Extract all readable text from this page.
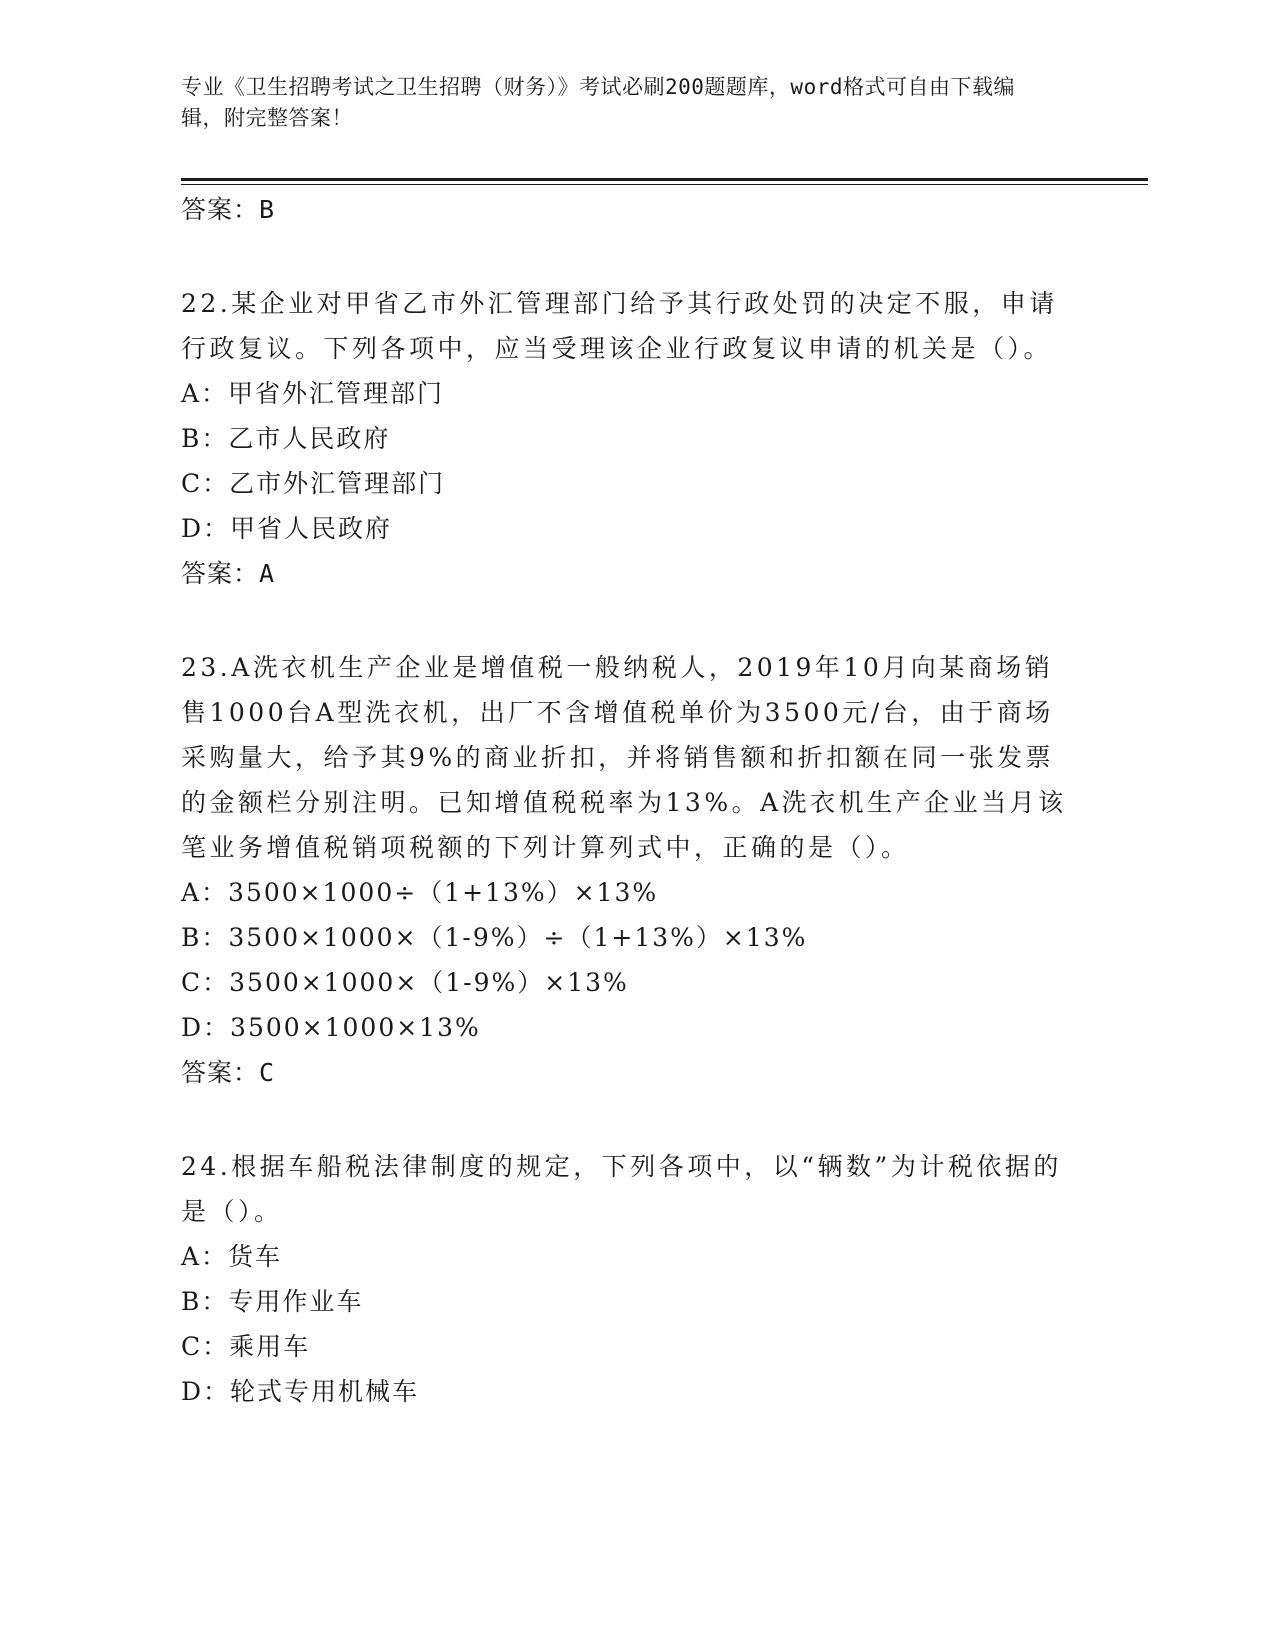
专业《卫生招聘考试之卫生招聘（财务）》考试必刷200题题库，word格式可自由下载编辑，附完整答案！

答案：B

22.某企业对甲省乙市外汇管理部门给予其行政处罚的决定不服，申请行政复议。下列各项中，应当受理该企业行政复议申请的机关是（）。

A：甲省外汇管理部门

B：乙市人民政府

C：乙市外汇管理部门

D：甲省人民政府

答案：A

23.A洗衣机生产企业是增值税一般纳税人，2019年10月向某商场销售1000台A型洗衣机，出厂不含增值税单价为3500元/台，由于商场采购量大，给予其9%的商业折扣，并将销售额和折扣额在同一张发票的金额栏分别注明。已知增值税税率为13%。A洗衣机生产企业当月该笔业务增值税销项税额的下列计算列式中，正确的是（）。

A：3500×1000÷（1+13%）×13%

B：3500×1000×（1-9%）÷（1+13%）×13%

C：3500×1000×（1-9%）×13%

D：3500×1000×13%

答案：C

24.根据车船税法律制度的规定，下列各项中，以“辆数”为计税依据的是（）。

A：货车

B：专用作业车

C：乘用车

D：轮式专用机械车
